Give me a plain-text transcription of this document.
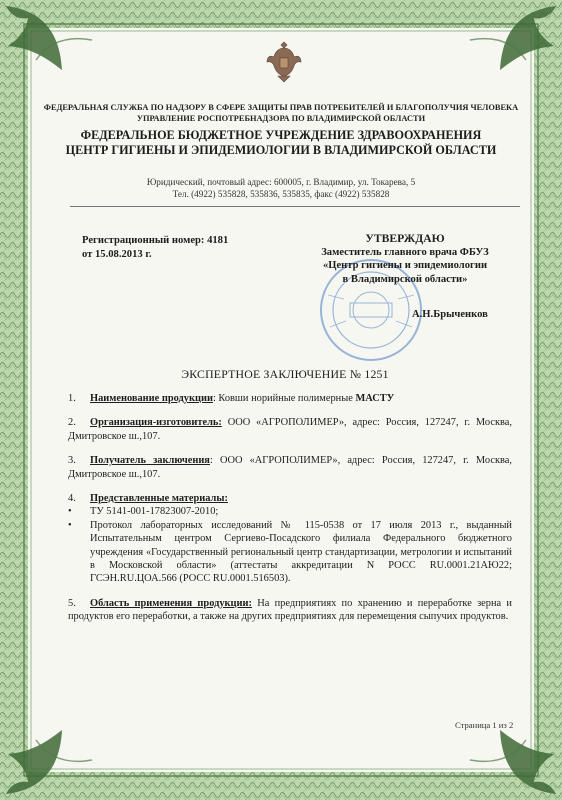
ФЕДЕРАЛЬНАЯ СЛУЖБА ПО НАДЗОРУ В СФЕРЕ ЗАЩИТЫ ПРАВ ПОТРЕБИТЕЛЕЙ И БЛАГОПОЛУЧИЯ ЧЕЛОВЕКА
УПРАВЛЕНИЕ РОСПОТРЕБНАДЗОРА ПО ВЛАДИМИРСКОЙ ОБЛАСТИ
ФЕДЕРАЛЬНОЕ БЮДЖЕТНОЕ УЧРЕЖДЕНИЕ ЗДРАВООХРАНЕНИЯ
ЦЕНТР ГИГИЕНЫ И ЭПИДЕМИОЛОГИИ В ВЛАДИМИРСКОЙ ОБЛАСТИ
Юридический, почтовый адрес: 600005, г. Владимир, ул. Токарева, 5
Тел. (4922) 535828, 535836, 535835, факс (4922) 535828
Регистрационный номер: 4181
от 15.08.2013 г.
УТВЕРЖДАЮ
Заместитель главного врача ФБУЗ
«Центр гигиены и эпидемиологии
в Владимирской области»
А.Н.Брыченков
ЭКСПЕРТНОЕ ЗАКЛЮЧЕНИЕ № 1251

1. Наименование продукции: Ковши норийные полимерные МАСТУ

2. Организация-изготовитель: ООО «АГРОПОЛИМЕР», адрес: Россия, 127247, г. Москва, Дмитровское ш.,107.

3. Получатель заключения: ООО «АГРОПОЛИМЕР», адрес: Россия, 127247, г. Москва, Дмитровское ш.,107.

4. Представленные материалы:
•	ТУ 5141-001-17823007-2010;
•	Протокол лабораторных исследований № 115-0538 от 17 июля 2013 г., выданный Испытательным центром Сергиево-Посадского филиала Федерального бюджетного учреждения «Государственный региональный центр стандартизации, метрологии и испытаний в Московской области» (аттестаты аккредитации N РОСС RU.0001.21АЮ22; ГСЭН.RU.ЦОА.566 (РОСС RU.0001.516503).

5. Область применения продукции: На предприятиях по хранению и переработке зерна и продуктов его переработки, а также на других предприятиях для перемещения сыпучих продуктов.

Страница 1 из 2
